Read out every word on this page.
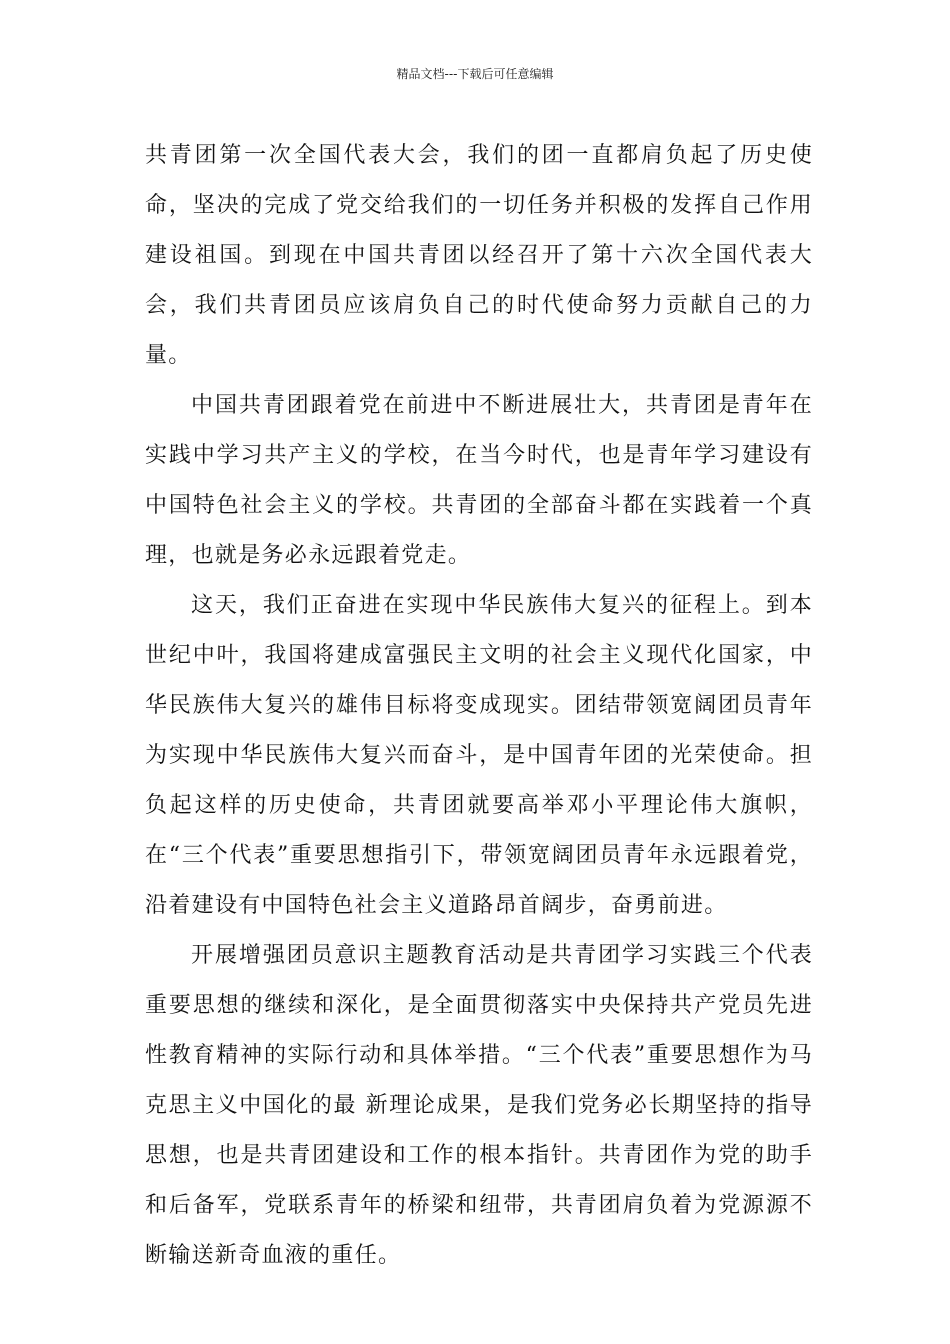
精品文档---下载后可任意编辑

共青团第一次全国代表大会，我们的团一直都肩负起了历史使命，坚决的完成了党交给我们的一切任务并积极的发挥自己作用建设祖国。到现在中国共青团以经召开了第十六次全国代表大会，我们共青团员应该肩负自己的时代使命努力贡献自己的力量。

中国共青团跟着党在前进中不断进展壮大，共青团是青年在实践中学习共产主义的学校，在当今时代，也是青年学习建设有中国特色社会主义的学校。共青团的全部奋斗都在实践着一个真理，也就是务必永远跟着党走。

这天，我们正奋进在实现中华民族伟大复兴的征程上。到本世纪中叶，我国将建成富强民主文明的社会主义现代化国家，中华民族伟大复兴的雄伟目标将变成现实。团结带领宽阔团员青年为实现中华民族伟大复兴而奋斗，是中国青年团的光荣使命。担负起这样的历史使命，共青团就要高举邓小平理论伟大旗帜，在“三个代表”重要思想指引下，带领宽阔团员青年永远跟着党，沿着建设有中国特色社会主义道路昂首阔步，奋勇前进。

开展增强团员意识主题教育活动是共青团学习实践三个代表重要思想的继续和深化，是全面贯彻落实中央保持共产党员先进性教育精神的实际行动和具体举措。“三个代表”重要思想作为马克思主义中国化的最 新理论成果，是我们党务必长期坚持的指导思想，也是共青团建设和工作的根本指针。共青团作为党的助手和后备军，党联系青年的桥梁和纽带，共青团肩负着为党源源不断输送新奇血液的重任。
